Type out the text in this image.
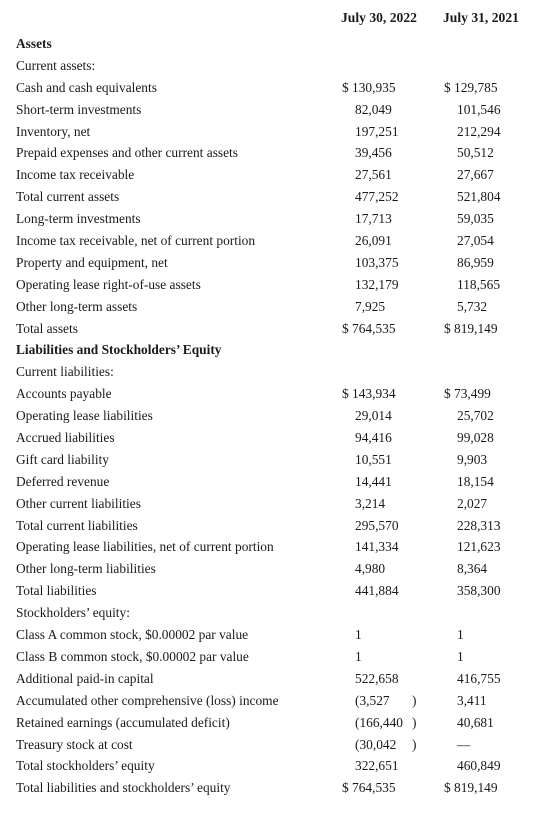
July 30, 2022 July 31, 2021
Assets
Current assets:
Cash and cash equivalents	$ 130,935	$ 129,785
Short-term investments	82,049	101,546
Inventory, net	197,251	212,294
Prepaid expenses and other current assets	39,456	50,512
Income tax receivable	27,561	27,667
Total current assets	477,252	521,804
Long-term investments	17,713	59,035
Income tax receivable, net of current portion	26,091	27,054
Property and equipment, net	103,375	86,959
Operating lease right-of-use assets	132,179	118,565
Other long-term assets	7,925	5,732
Total assets	$ 764,535	$ 819,149
Liabilities and Stockholders’ Equity
Current liabilities:
Accounts payable	$ 143,934	$ 73,499
Operating lease liabilities	29,014	25,702
Accrued liabilities	94,416	99,028
Gift card liability	10,551	9,903
Deferred revenue	14,441	18,154
Other current liabilities	3,214	2,027
Total current liabilities	295,570	228,313
Operating lease liabilities, net of current portion	141,334	121,623
Other long-term liabilities	4,980	8,364
Total liabilities	441,884	358,300
Stockholders’ equity:
Class A common stock, $0.00002 par value	1	1
Class B common stock, $0.00002 par value	1	1
Additional paid-in capital	522,658	416,755
Accumulated other comprehensive (loss) income	(3,527 )	3,411
Retained earnings (accumulated deficit)	(166,440 )	40,681
Treasury stock at cost	(30,042 )	—
Total stockholders’ equity	322,651	460,849
Total liabilities and stockholders’ equity	$ 764,535	$ 819,149
